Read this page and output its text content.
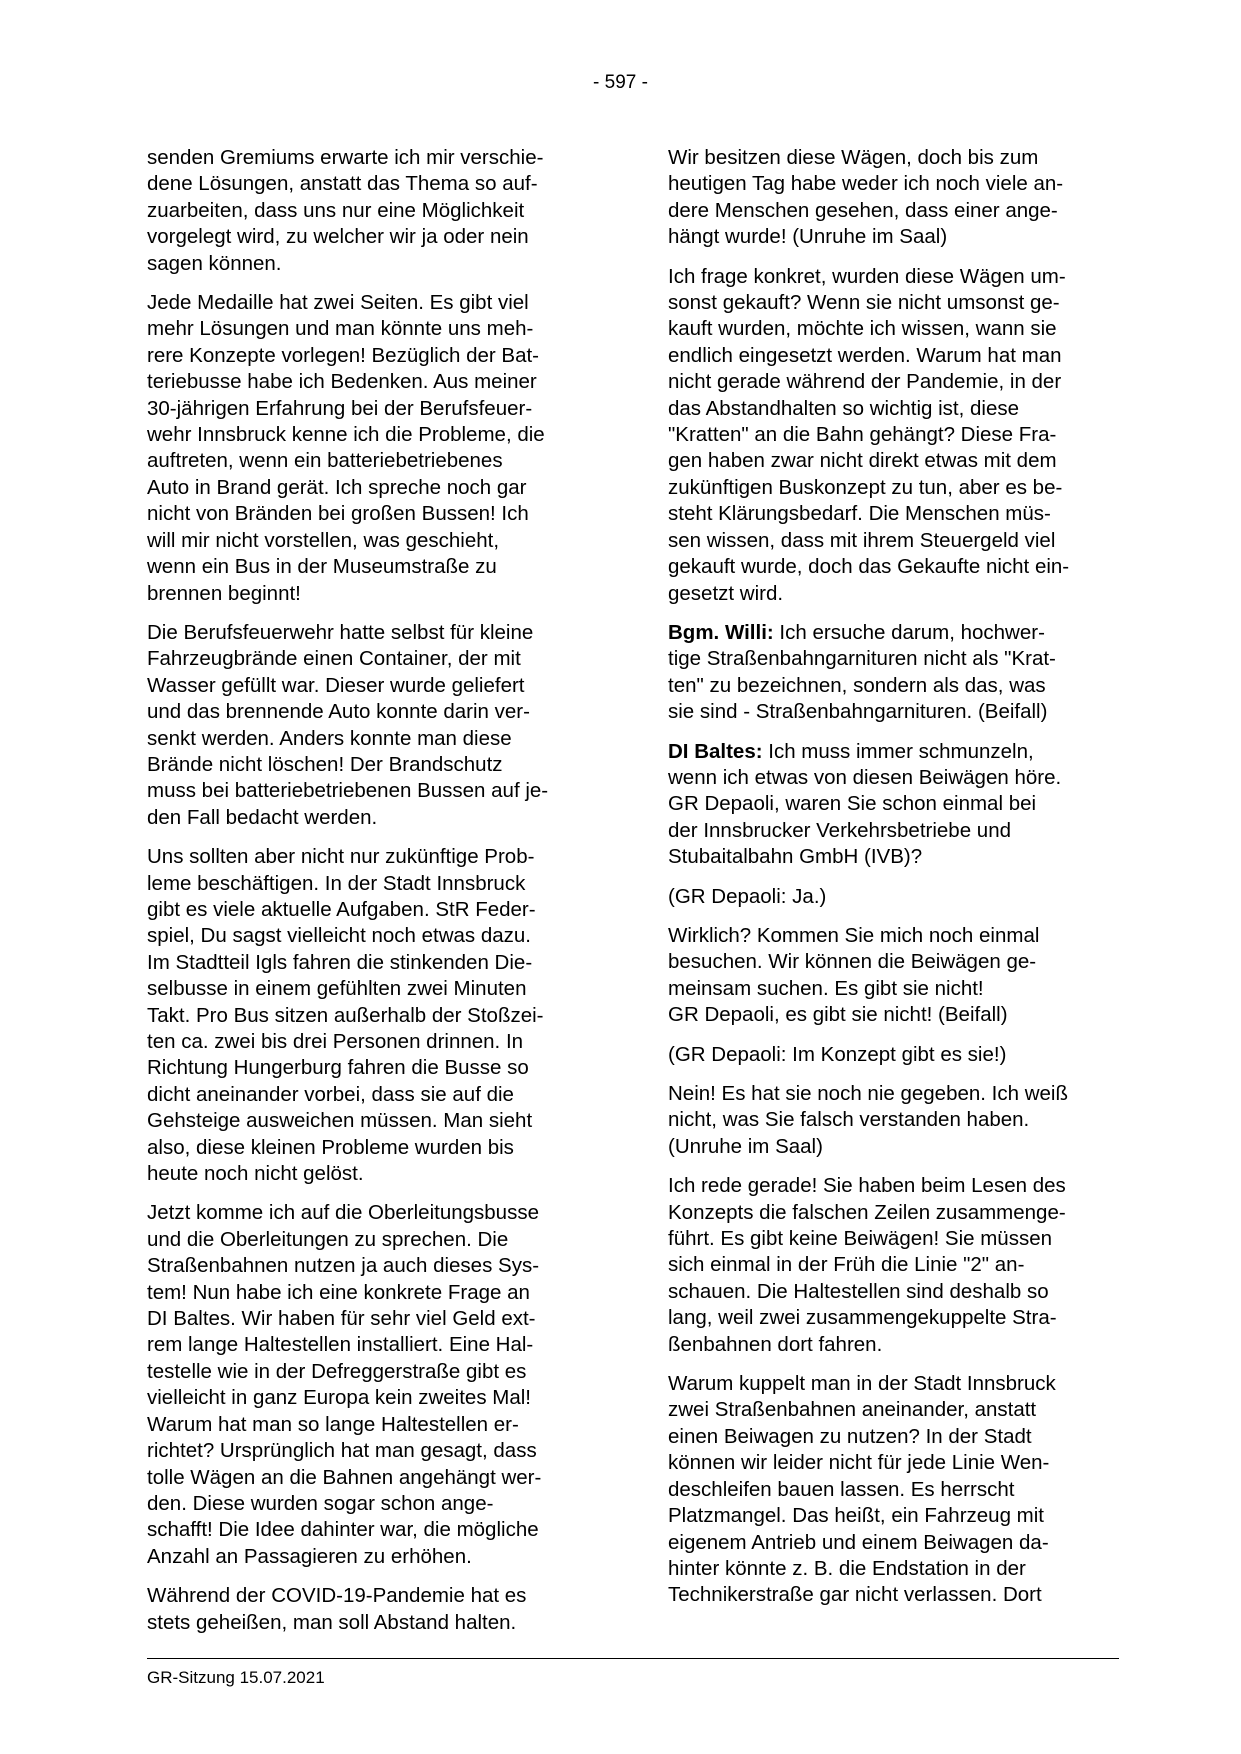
- 597 -

senden Gremiums erwarte ich mir verschie-
dene Lösungen, anstatt das Thema so auf-
zuarbeiten, dass uns nur eine Möglichkeit
vorgelegt wird, zu welcher wir ja oder nein
sagen können.

Jede Medaille hat zwei Seiten. Es gibt viel
mehr Lösungen und man könnte uns meh-
rere Konzepte vorlegen! Bezüglich der Bat-
teriebusse habe ich Bedenken. Aus meiner
30-jährigen Erfahrung bei der Berufsfeuer-
wehr Innsbruck kenne ich die Probleme, die
auftreten, wenn ein batteriebetriebenes
Auto in Brand gerät. Ich spreche noch gar
nicht von Bränden bei großen Bussen! Ich
will mir nicht vorstellen, was geschieht,
wenn ein Bus in der Museumstraße zu
brennen beginnt!

Die Berufsfeuerwehr hatte selbst für kleine
Fahrzeugbrände einen Container, der mit
Wasser gefüllt war. Dieser wurde geliefert
und das brennende Auto konnte darin ver-
senkt werden. Anders konnte man diese
Brände nicht löschen! Der Brandschutz
muss bei batteriebetriebenen Bussen auf je-
den Fall bedacht werden.

Uns sollten aber nicht nur zukünftige Prob-
leme beschäftigen. In der Stadt Innsbruck
gibt es viele aktuelle Aufgaben. StR Feder-
spiel, Du sagst vielleicht noch etwas dazu.
Im Stadtteil Igls fahren die stinkenden Die-
selbusse in einem gefühlten zwei Minuten
Takt. Pro Bus sitzen außerhalb der Stoßzei-
ten ca. zwei bis drei Personen drinnen. In
Richtung Hungerburg fahren die Busse so
dicht aneinander vorbei, dass sie auf die
Gehsteige ausweichen müssen. Man sieht
also, diese kleinen Probleme wurden bis
heute noch nicht gelöst.

Jetzt komme ich auf die Oberleitungsbusse
und die Oberleitungen zu sprechen. Die
Straßenbahnen nutzen ja auch dieses Sys-
tem! Nun habe ich eine konkrete Frage an
DI Baltes. Wir haben für sehr viel Geld ext-
rem lange Haltestellen installiert. Eine Hal-
testelle wie in der Defreggerstraße gibt es
vielleicht in ganz Europa kein zweites Mal!
Warum hat man so lange Haltestellen er-
richtet? Ursprünglich hat man gesagt, dass
tolle Wägen an die Bahnen angehängt wer-
den. Diese wurden sogar schon ange-
schafft! Die Idee dahinter war, die mögliche
Anzahl an Passagieren zu erhöhen.

Während der COVID-19-Pandemie hat es
stets geheißen, man soll Abstand halten.

Wir besitzen diese Wägen, doch bis zum
heutigen Tag habe weder ich noch viele an-
dere Menschen gesehen, dass einer ange-
hängt wurde! (Unruhe im Saal)

Ich frage konkret, wurden diese Wägen um-
sonst gekauft? Wenn sie nicht umsonst ge-
kauft wurden, möchte ich wissen, wann sie
endlich eingesetzt werden. Warum hat man
nicht gerade während der Pandemie, in der
das Abstandhalten so wichtig ist, diese
"Kratten" an die Bahn gehängt? Diese Fra-
gen haben zwar nicht direkt etwas mit dem
zukünftigen Buskonzept zu tun, aber es be-
steht Klärungsbedarf. Die Menschen müs-
sen wissen, dass mit ihrem Steuergeld viel
gekauft wurde, doch das Gekaufte nicht ein-
gesetzt wird.

Bgm. Willi: Ich ersuche darum, hochwer-
tige Straßenbahngarnituren nicht als "Krat-
ten" zu bezeichnen, sondern als das, was
sie sind - Straßenbahngarnituren. (Beifall)

DI Baltes: Ich muss immer schmunzeln,
wenn ich etwas von diesen Beiwägen höre.
GR Depaoli, waren Sie schon einmal bei
der Innsbrucker Verkehrsbetriebe und
Stubaitalbahn GmbH (IVB)?

(GR Depaoli: Ja.)

Wirklich? Kommen Sie mich noch einmal
besuchen. Wir können die Beiwägen ge-
meinsam suchen. Es gibt sie nicht!
GR Depaoli, es gibt sie nicht! (Beifall)

(GR Depaoli: Im Konzept gibt es sie!)

Nein! Es hat sie noch nie gegeben. Ich weiß
nicht, was Sie falsch verstanden haben.
(Unruhe im Saal)

Ich rede gerade! Sie haben beim Lesen des
Konzepts die falschen Zeilen zusammenge-
führt. Es gibt keine Beiwägen! Sie müssen
sich einmal in der Früh die Linie "2" an-
schauen. Die Haltestellen sind deshalb so
lang, weil zwei zusammengekuppelte Stra-
ßenbahnen dort fahren.

Warum kuppelt man in der Stadt Innsbruck
zwei Straßenbahnen aneinander, anstatt
einen Beiwagen zu nutzen? In der Stadt
können wir leider nicht für jede Linie Wen-
deschleifen bauen lassen. Es herrscht
Platzmangel. Das heißt, ein Fahrzeug mit
eigenem Antrieb und einem Beiwagen da-
hinter könnte z. B. die Endstation in der
Technikerstraße gar nicht verlassen. Dort

GR-Sitzung 15.07.2021
